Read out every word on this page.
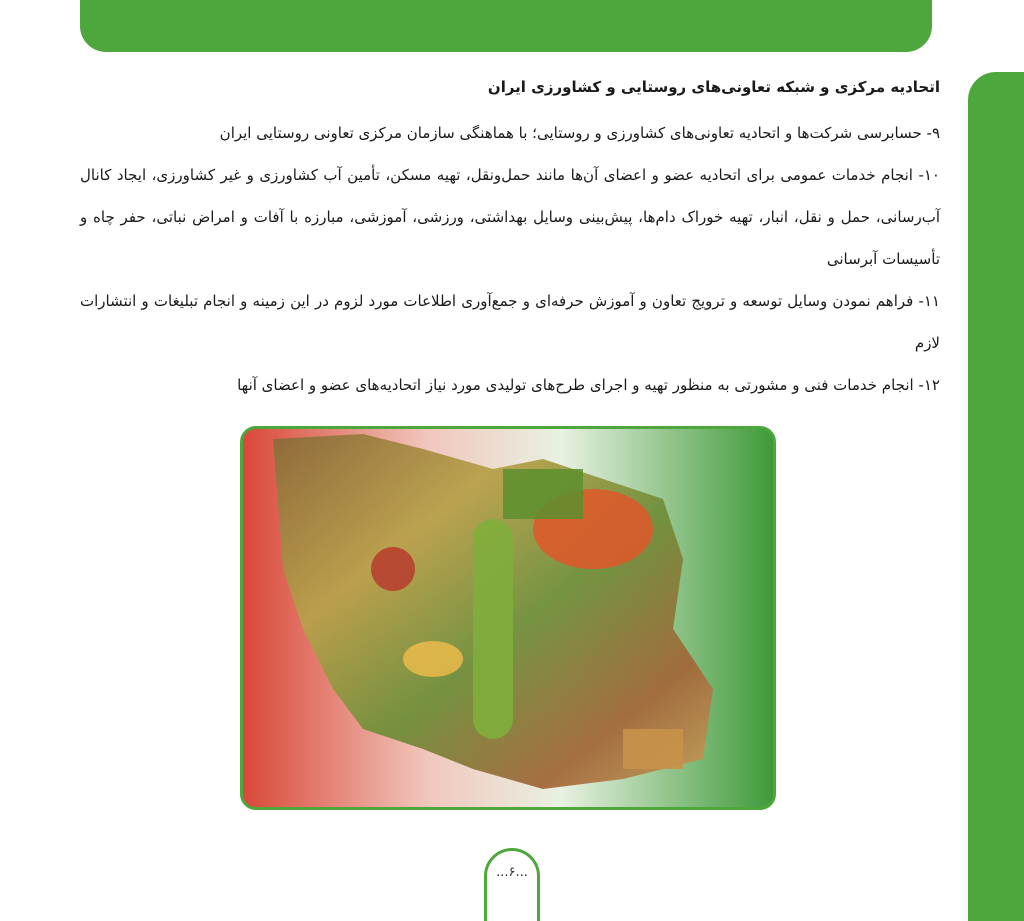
اتحادیه مرکزی و شبکه تعاونی‌های روستایی و کشاورزی ایران

۹- حسابرسی شرکت‌ها و اتحادیه تعاونی‌های کشاورزی و روستایی؛ با هماهنگی سازمان مرکزی تعاونی روستایی ایران

۱۰- انجام خدمات عمومی برای اتحادیه عضو و اعضای آن‌ها مانند حمل‌ونقل، تهیه مسکن، تأمین آب کشاورزی و غیر کشاورزی، ایجاد کانال آب‌رسانی، حمل و نقل، انبار، تهیه خوراک دام‌ها، پیش‌بینی وسایل بهداشتی، ورزشی، آموزشی، مبارزه با آفات و امراض نباتی، حفر چاه و تأسیسات آبرسانی

۱۱- فراهم نمودن وسایل توسعه و ترویج تعاون و آموزش حرفه‌ای و جمع‌آوری اطلاعات مورد لزوم در این زمینه و انجام تبلیغات و انتشارات لازم

۱۲- انجام خدمات فنی و مشورتی به منظور تهیه و اجرای طرح‌های تولیدی مورد نیاز اتحادیه‌های عضو و اعضای آنها

...۶...
